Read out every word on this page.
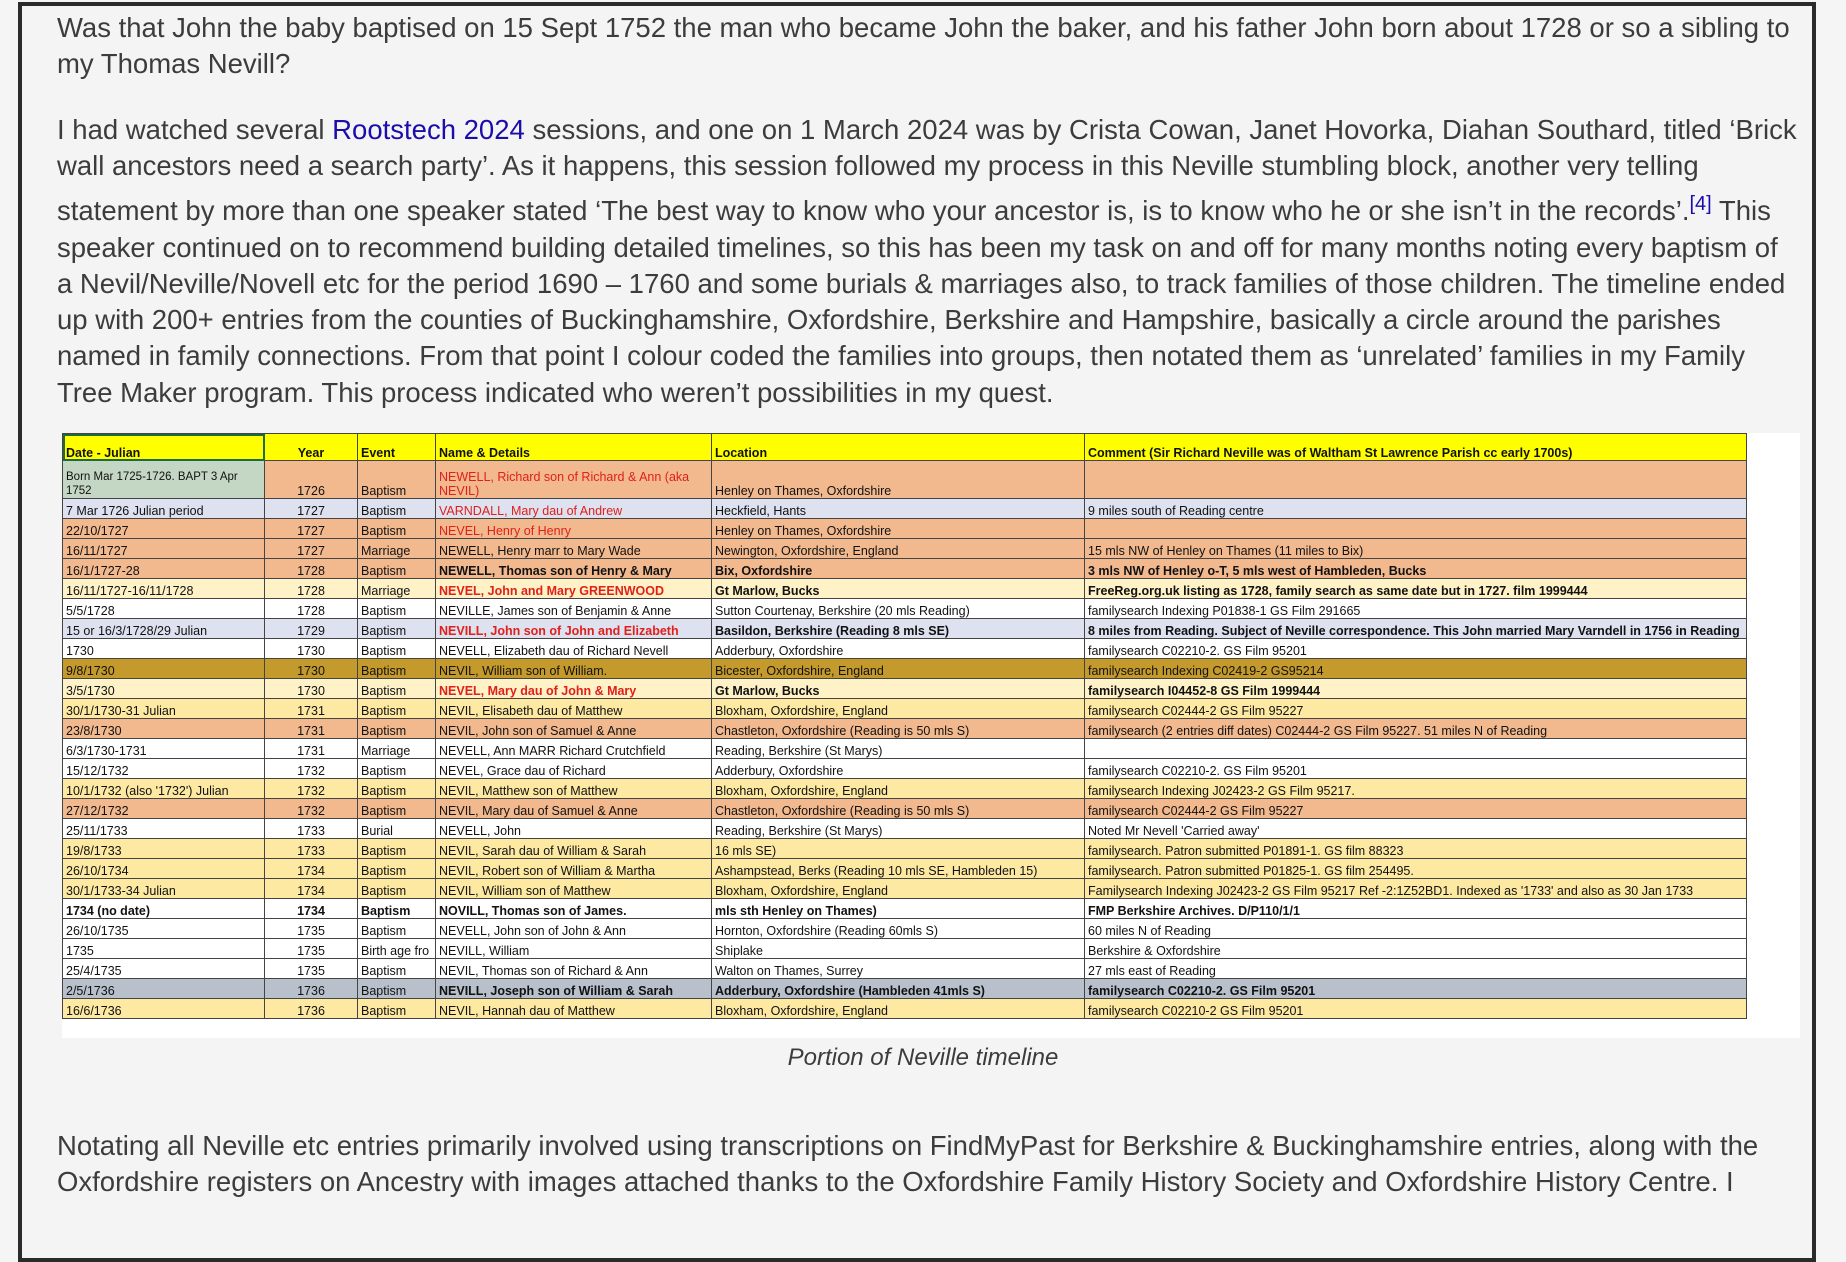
Was that John the baby baptised on 15 Sept 1752 the man who became John the baker, and his father John born about 1728 or so a sibling to my Thomas Nevill?

I had watched several Rootstech 2024 sessions, and one on 1 March 2024 was by Crista Cowan, Janet Hovorka, Diahan Southard, titled ‘Brick wall ancestors need a search party’. As it happens, this session followed my process in this Neville stumbling block, another very telling statement by more than one speaker stated ‘The best way to know who your ancestor is, is to know who he or she isn’t in the records’.[4] This speaker continued on to recommend building detailed timelines, so this has been my task on and off for many months noting every baptism of a Nevil/Neville/Novell etc for the period 1690 – 1760 and some burials & marriages also, to track families of those children. The timeline ended up with 200+ entries from the counties of Buckinghamshire, Oxfordshire, Berkshire and Hampshire, basically a circle around the parishes named in family connections. From that point I colour coded the families into groups, then notated them as ‘unrelated’ families in my Family Tree Maker program. This process indicated who weren’t possibilities in my quest.

Date - Julian	Year	Event	Name & Details	Location	Comment (Sir Richard Neville was of Waltham St Lawrence Parish cc early 1700s)
Born Mar 1725-1726. BAPT 3 Apr 1752	1726	Baptism	NEWELL, Richard son of Richard & Ann (aka NEVIL)	Henley on Thames, Oxfordshire	
7 Mar 1726 Julian period	1727	Baptism	VARNDALL, Mary dau of Andrew	Heckfield, Hants	9 miles south of Reading centre
22/10/1727	1727	Baptism	NEVEL, Henry of Henry	Henley on Thames, Oxfordshire	
16/11/1727	1727	Marriage	NEWELL, Henry marr to Mary Wade	Newington, Oxfordshire, England	15 mls NW of Henley on Thames (11 miles to Bix)
16/1/1727-28	1728	Baptism	NEWELL, Thomas son of Henry & Mary	Bix, Oxfordshire	3 mls NW of Henley o-T, 5 mls west of Hambleden, Bucks
16/11/1727-16/11/1728	1728	Marriage	NEVEL, John and Mary GREENWOOD	Gt Marlow, Bucks	FreeReg.org.uk listing as 1728, family search as same date but in 1727. film 1999444
5/5/1728	1728	Baptism	NEVILLE, James son of Benjamin & Anne	Sutton Courtenay, Berkshire (20 mls Reading)	familysearch Indexing P01838-1 GS Film 291665
15 or 16/3/1728/29 Julian	1729	Baptism	NEVILL, John son of John and Elizabeth	Basildon, Berkshire (Reading 8 mls SE)	8 miles from Reading. Subject of Neville correspondence. This John married Mary Varndell in 1756 in Reading
1730	1730	Baptism	NEVELL, Elizabeth dau of Richard Nevell	Adderbury, Oxfordshire	familysearch C02210-2. GS Film 95201
9/8/1730	1730	Baptism	NEVIL, William son of William.	Bicester, Oxfordshire, England	familysearch Indexing C02419-2 GS95214
3/5/1730	1730	Baptism	NEVEL, Mary dau of John & Mary	Gt Marlow, Bucks	familysearch I04452-8 GS Film 1999444
30/1/1730-31 Julian	1731	Baptism	NEVIL, Elisabeth dau of Matthew	Bloxham, Oxfordshire, England	familysearch C02444-2 GS Film 95227
23/8/1730	1731	Baptism	NEVIL, John son of Samuel & Anne	Chastleton, Oxfordshire (Reading is 50 mls S)	familysearch (2 entries diff dates) C02444-2 GS Film 95227. 51 miles N of Reading
6/3/1730-1731	1731	Marriage	NEVELL, Ann MARR Richard Crutchfield	Reading, Berkshire (St Marys)	
15/12/1732	1732	Baptism	NEVEL, Grace dau of Richard	Adderbury, Oxfordshire	familysearch C02210-2. GS Film 95201
10/1/1732 (also '1732') Julian	1732	Baptism	NEVIL, Matthew son of Matthew	Bloxham, Oxfordshire, England	familysearch Indexing J02423-2 GS Film 95217.
27/12/1732	1732	Baptism	NEVIL, Mary dau of Samuel & Anne	Chastleton, Oxfordshire (Reading is 50 mls S)	familysearch C02444-2 GS Film 95227
25/11/1733	1733	Burial	NEVELL, John	Reading, Berkshire (St Marys)	Noted Mr Nevell 'Carried away'
19/8/1733	1733	Baptism	NEVIL, Sarah dau of William & Sarah	16 mls SE)	familysearch. Patron submitted P01891-1. GS film 88323
26/10/1734	1734	Baptism	NEVIL, Robert son of William & Martha	Ashampstead, Berks (Reading 10 mls SE, Hambleden 15)	familysearch. Patron submitted P01825-1. GS film 254495.
30/1/1733-34 Julian	1734	Baptism	NEVIL, William son of Matthew	Bloxham, Oxfordshire, England	Familysearch Indexing J02423-2 GS Film 95217 Ref -2:1Z52BD1. Indexed as '1733' and also as 30 Jan 1733
1734 (no date)	1734	Baptism	NOVILL, Thomas son of James.	mls sth Henley on Thames)	FMP Berkshire Archives. D/P110/1/1
26/10/1735	1735	Baptism	NEVELL, John son of John & Ann	Hornton, Oxfordshire (Reading 60mls S)	60 miles N of Reading
1735	1735	Birth age fro	NEVILL, William	Shiplake	Berkshire & Oxfordshire
25/4/1735	1735	Baptism	NEVIL, Thomas son of Richard & Ann	Walton on Thames, Surrey	27 mls east of Reading
2/5/1736	1736	Baptism	NEVILL, Joseph son of William & Sarah	Adderbury, Oxfordshire (Hambleden 41mls S)	familysearch C02210-2. GS Film 95201
16/6/1736	1736	Baptism	NEVIL, Hannah dau of Matthew	Bloxham, Oxfordshire, England	familysearch C02210-2 GS Film 95201
Portion of Neville timeline

Notating all Neville etc entries primarily involved using transcriptions on FindMyPast for Berkshire & Buckinghamshire entries, along with the Oxfordshire registers on Ancestry with images attached thanks to the Oxfordshire Family History Society and Oxfordshire History Centre. I
